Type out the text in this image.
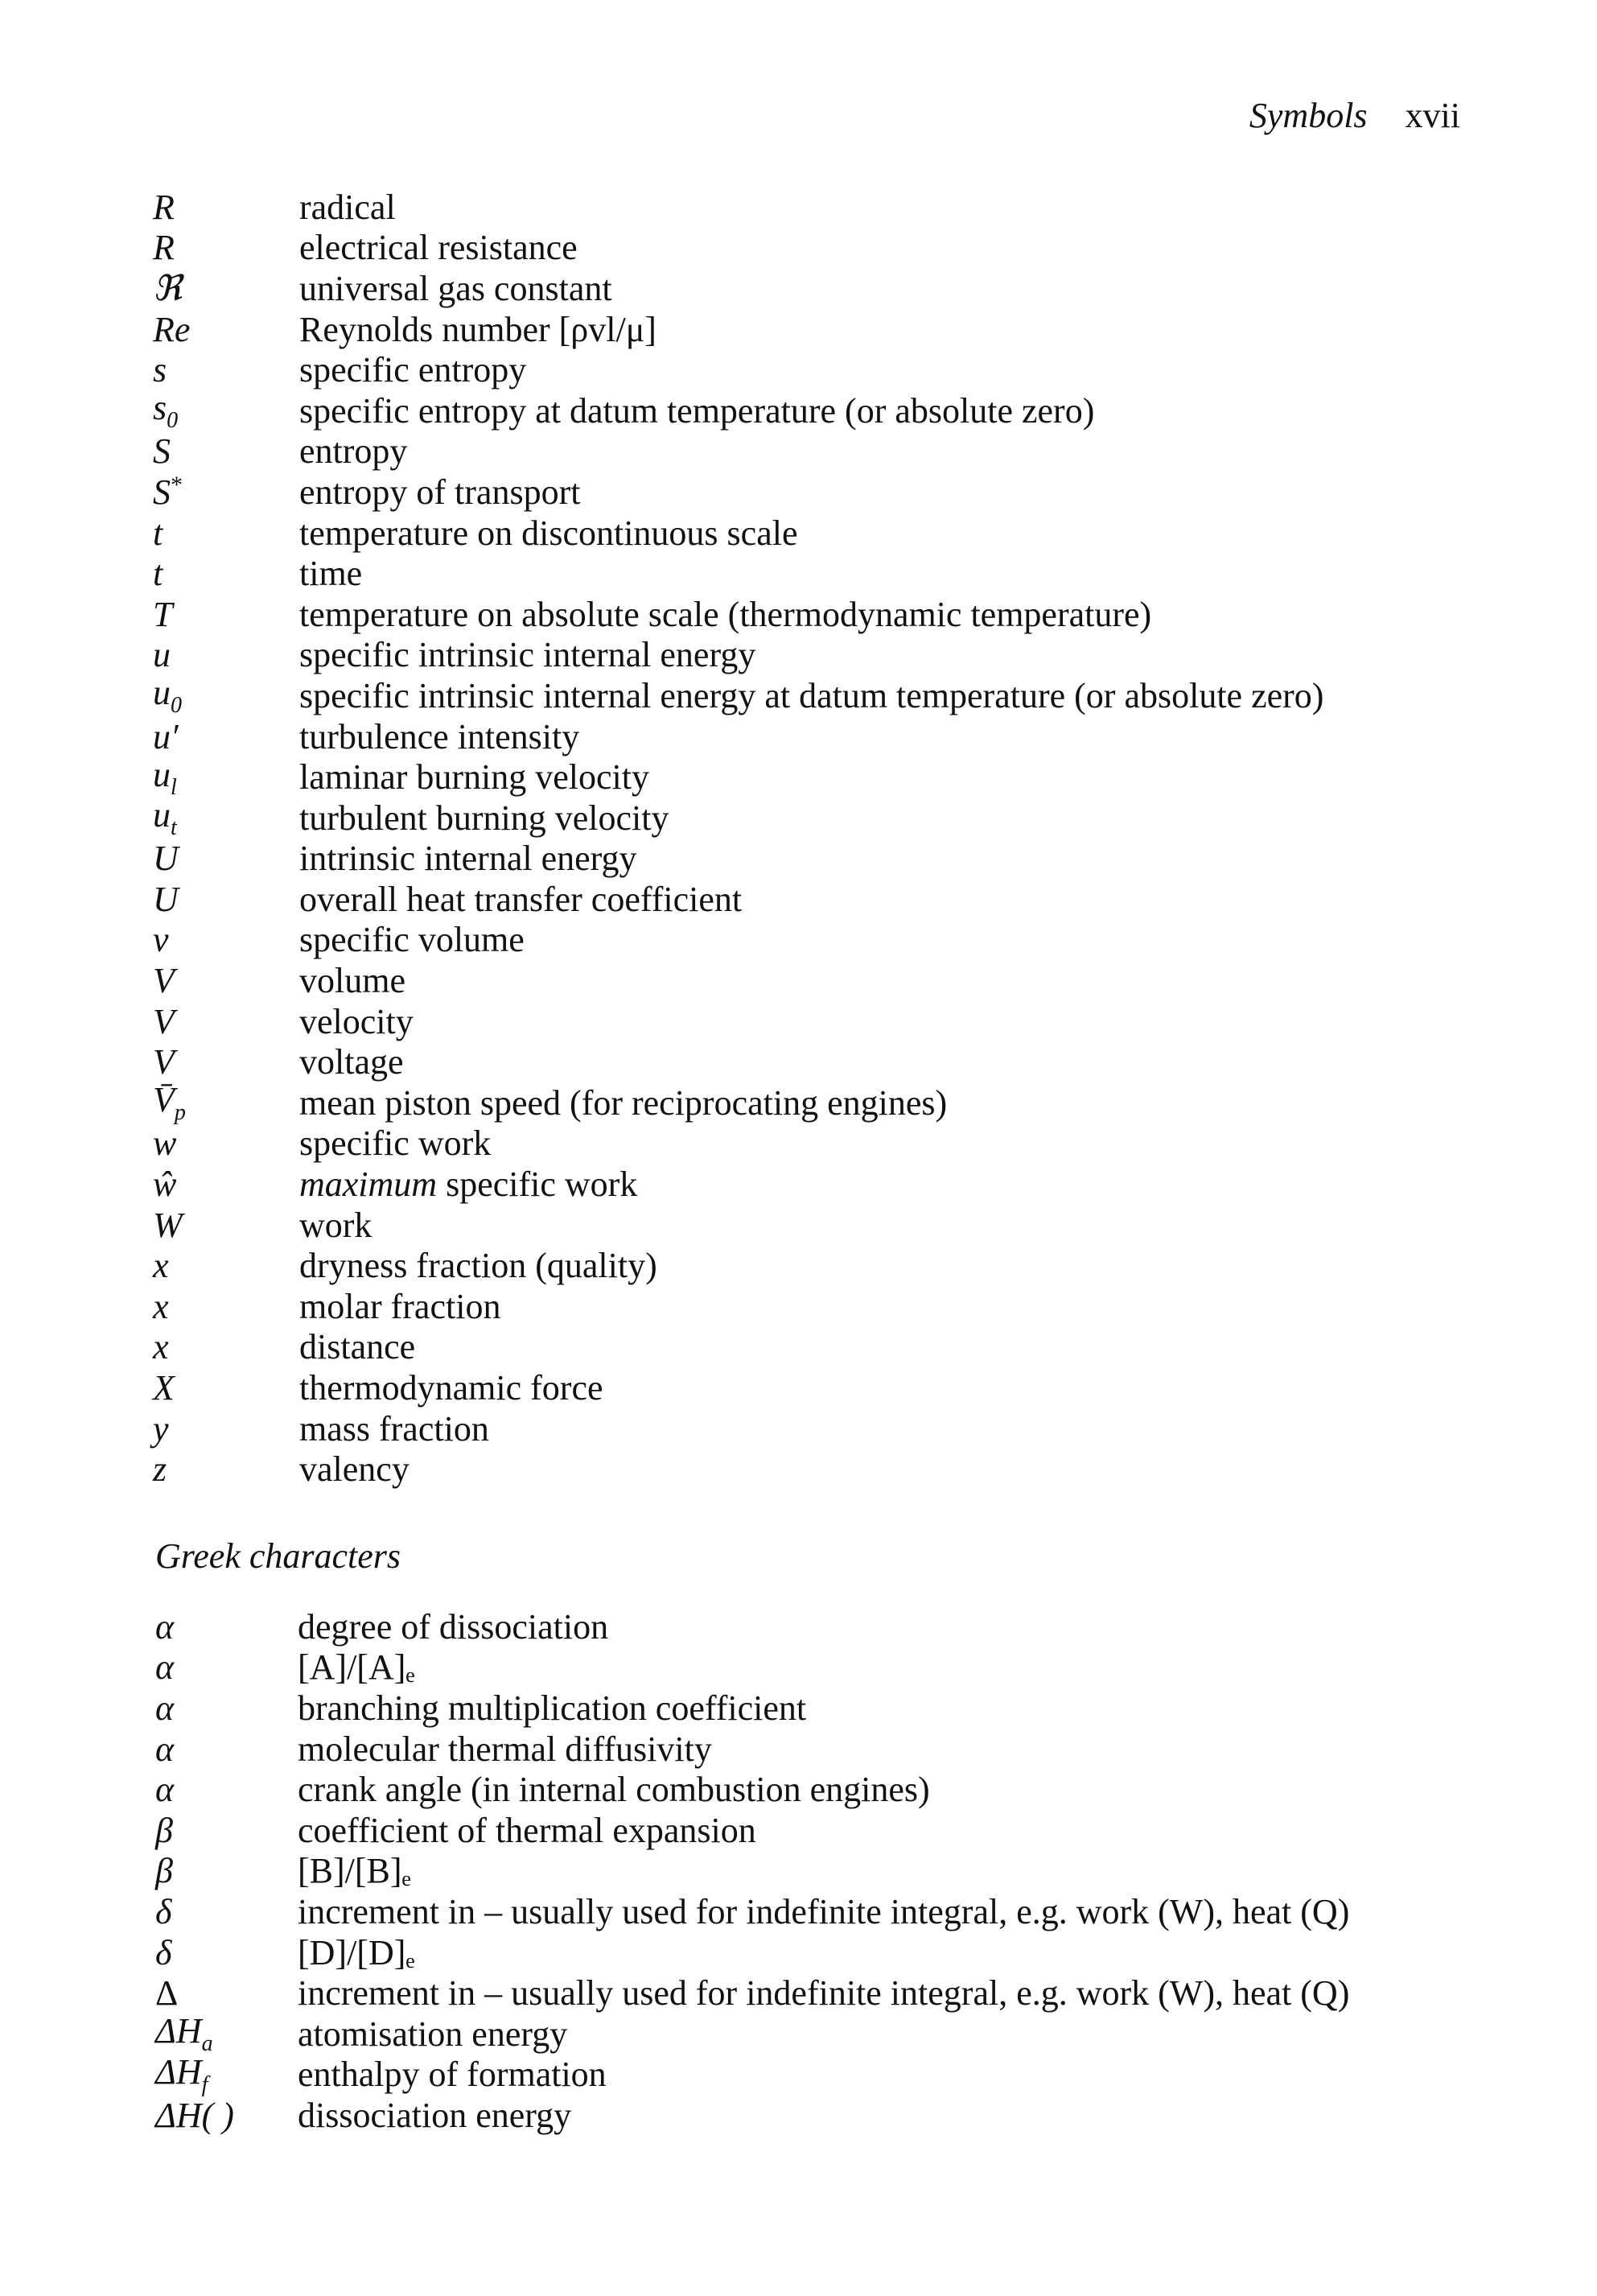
Symbols xvii
R	radical
R	electrical resistance
ℜ	universal gas constant
Re	Reynolds number [ρvl/μ]
s	specific entropy
$s_0$	specific entropy at datum temperature (or absolute zero)
S	entropy
S*	entropy of transport
t	temperature on discontinuous scale
t	time
T	temperature on absolute scale (thermodynamic temperature)
u	specific intrinsic internal energy
$u_0$	specific intrinsic internal energy at datum temperature (or absolute zero)
u′	turbulence intensity
$u_l$	laminar burning velocity
$u_t$	turbulent burning velocity
U	intrinsic internal energy
U	overall heat transfer coefficient
v	specific volume
V	volume
V	velocity
V	voltage
$V̄_p$	mean piston speed (for reciprocating engines)
w	specific work
ŵ	maximum specific work
W	work
x	dryness fraction (quality)
x	molar fraction
x	distance
X	thermodynamic force
y	mass fraction
z	valency
Greek characters
α	degree of dissociation
α	[A]/[A]ₑ
α	branching multiplication coefficient
α	molecular thermal diffusivity
α	crank angle (in internal combustion engines)
β	coefficient of thermal expansion
β	[B]/[B]ₑ
δ	increment in – usually used for indefinite integral, e.g. work (W), heat (Q)
δ	[D]/[D]ₑ
Δ	increment in – usually used for indefinite integral, e.g. work (W), heat (Q)
$\Delta H_a$	atomisation energy
$\Delta H_f$	enthalpy of formation
ΔH( )	dissociation energy
